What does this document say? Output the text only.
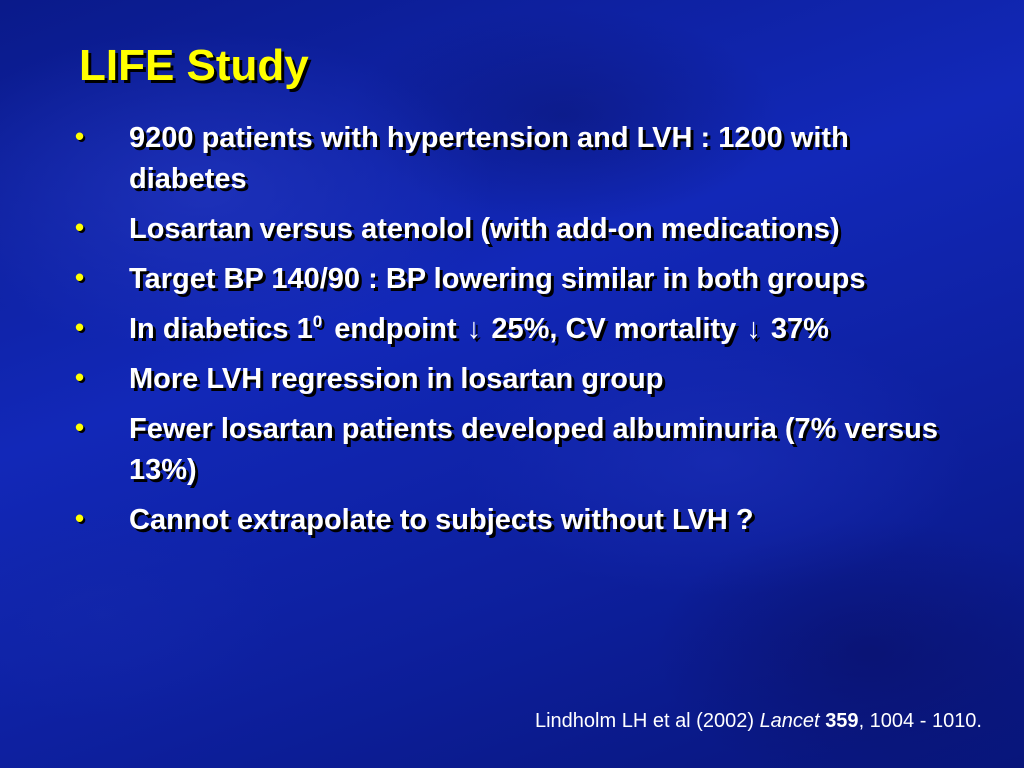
LIFE Study
• 9200 patients with hypertension and LVH : 1200 with diabetes
• Losartan versus atenolol (with add-on medications)
• Target BP 140/90 : BP lowering similar in both groups
• In diabetics $1^0$ endpoint ↓ 25%, CV mortality ↓ 37%
• More LVH regression in losartan group
• Fewer losartan patients developed albuminuria (7% versus 13%)
• Cannot extrapolate to subjects without LVH ?
Lindholm LH et al (2002) Lancet 359, 1004 - 1010.
